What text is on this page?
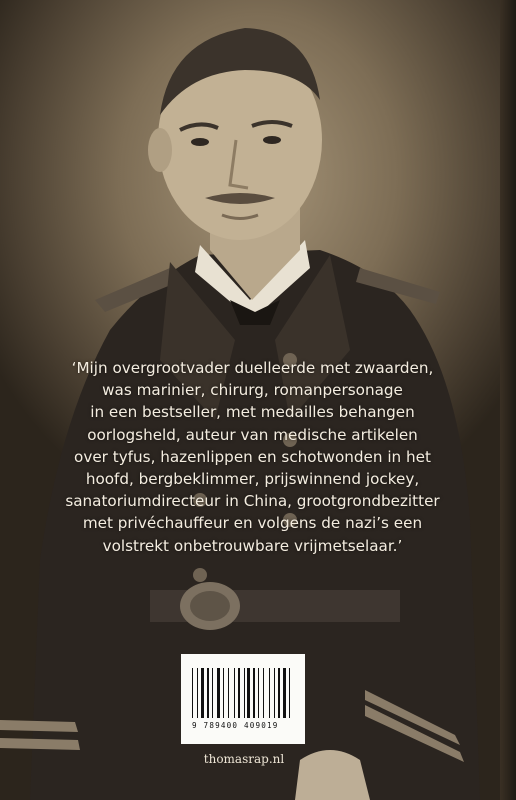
‘Mijn overgrootvader duelleerde met zwaarden,
was marinier, chirurg, romanpersonage
in een bestseller, met medailles behangen
oorlogsheld, auteur van medische artikelen
over tyfus, hazenlippen en schotwonden in het
hoofd, bergbeklimmer, prijswinnend jockey,
sanatoriumdirecteur in China, grootgrondbezitter
met privéchauffeur en volgens de nazi’s een
volstrekt onbetrouwbare vrijmetselaar.’
9 789400 409019
thomasrap.nl
